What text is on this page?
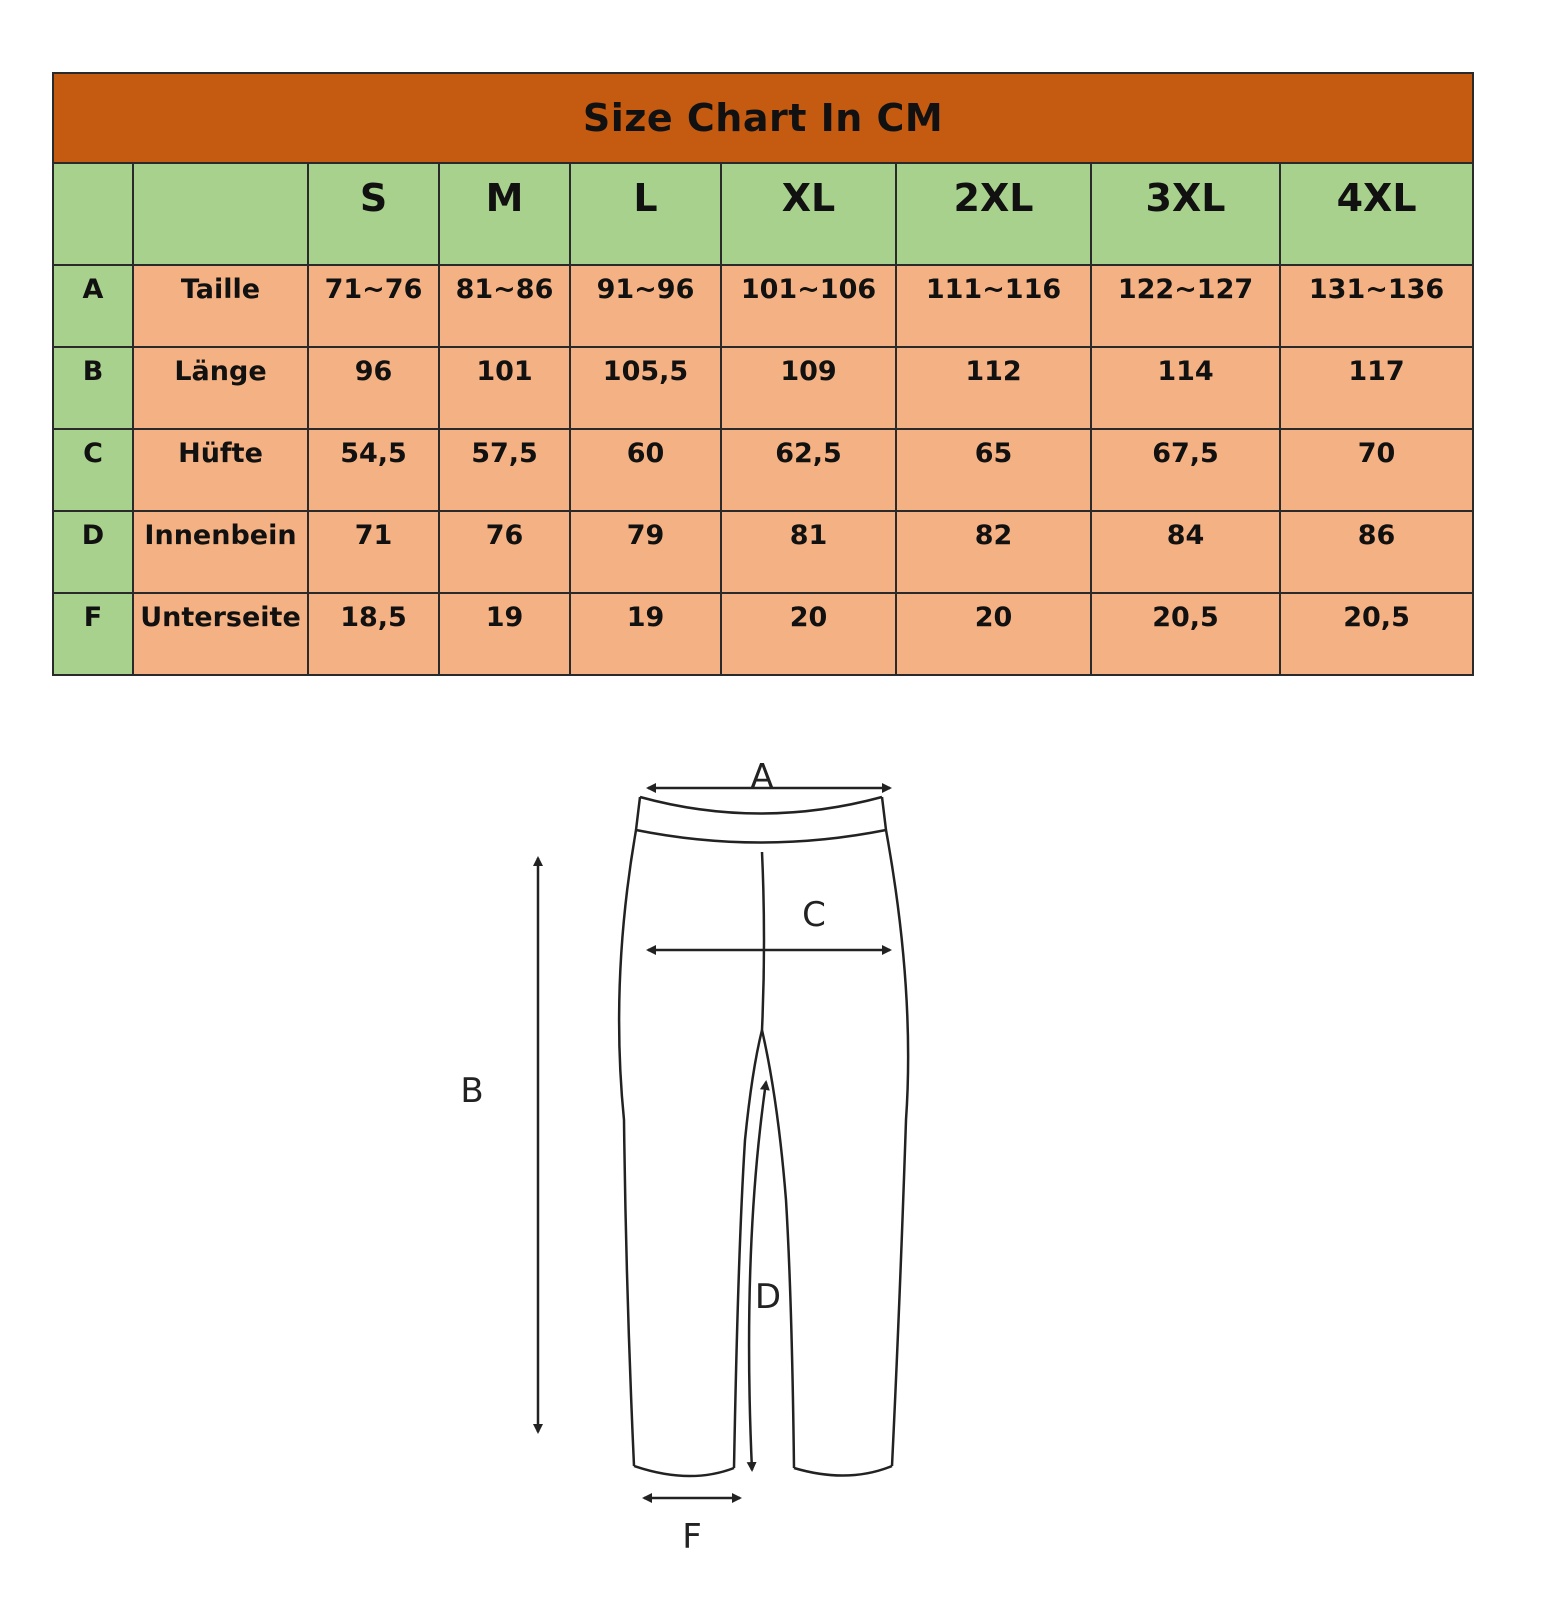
Size Chart In CM								
		S	M	L	XL	2XL	3XL	4XL
A	Taille	71~76	81~86	91~96	101~106	111~116	122~127	131~136
B	Länge	96	101	105,5	109	112	114	117
C	Hüfte	54,5	57,5	60	62,5	65	67,5	70
D	Innenbein	71	76	79	81	82	84	86
F	Unterseite	18,5	19	19	20	20	20,5	20,5
A
B
C
D
F
